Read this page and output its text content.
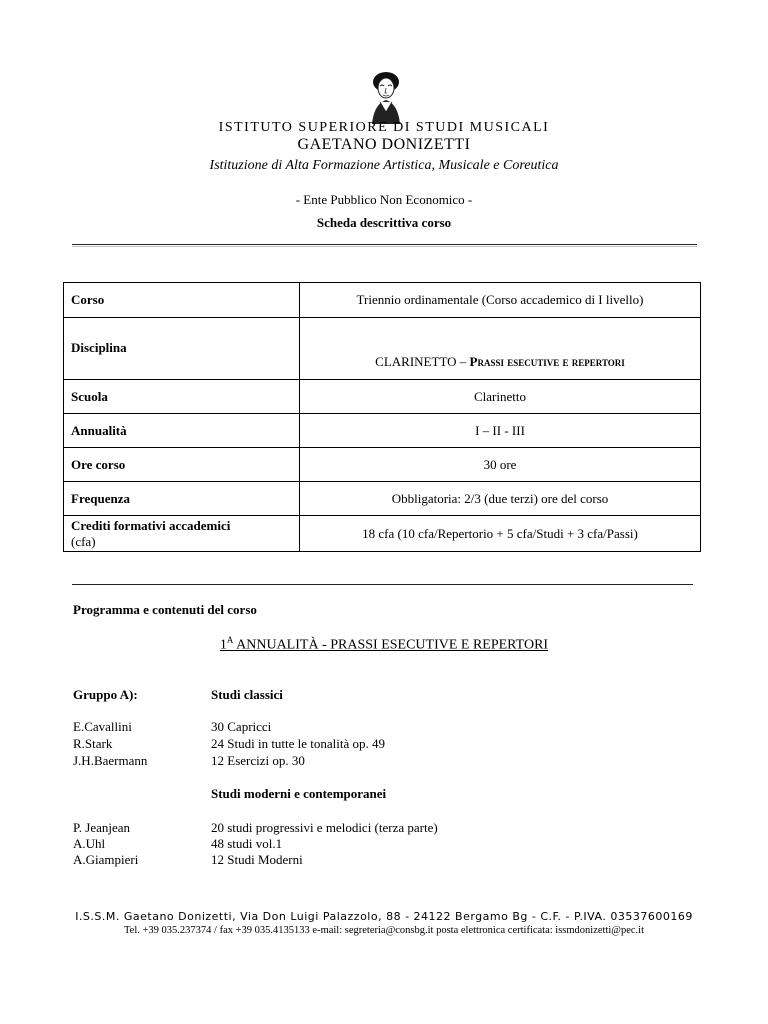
ISTITUTO SUPERIORE DI STUDI MUSICALI
GAETANO DONIZETTI
Istituzione di Alta Formazione Artistica, Musicale e Coreutica
- Ente Pubblico Non Economico -
Scheda descrittiva corso
Corso	Triennio ordinamentale (Corso accademico di I livello)
Disciplina	CLARINETTO – Prassi esecutive e repertori
Scuola	Clarinetto
Annualità	I – II - III
Ore corso	30 ore
Frequenza	Obbligatoria: 2/3 (due terzi) ore del corso
Crediti formativi accademici
(cfa)	18 cfa (10 cfa/Repertorio + 5 cfa/Studi + 3 cfa/Passi)
Programma e contenuti del corso
$1^A$ ANNUALITÀ - PRASSI ESECUTIVE E REPERTORI
Gruppo A):	Studi classici
E.Cavallini	30 Capricci
R.Stark	24 Studi in tutte le tonalità op. 49
J.H.Baermann	12 Esercizi op. 30
Studi moderni e contemporanei
P. Jeanjean	20 studi progressivi e melodici (terza parte)
A.Uhl	48 studi vol.1
A.Giampieri	12 Studi Moderni
I.S.S.M. Gaetano Donizetti, Via Don Luigi Palazzolo, 88 - 24122 Bergamo Bg - C.F. - P.IVA. 03537600169
Tel. +39 035.237374 / fax +39 035.4135133 e-mail: segreteria@consbg.it posta elettronica certificata: issmdonizetti@pec.it
